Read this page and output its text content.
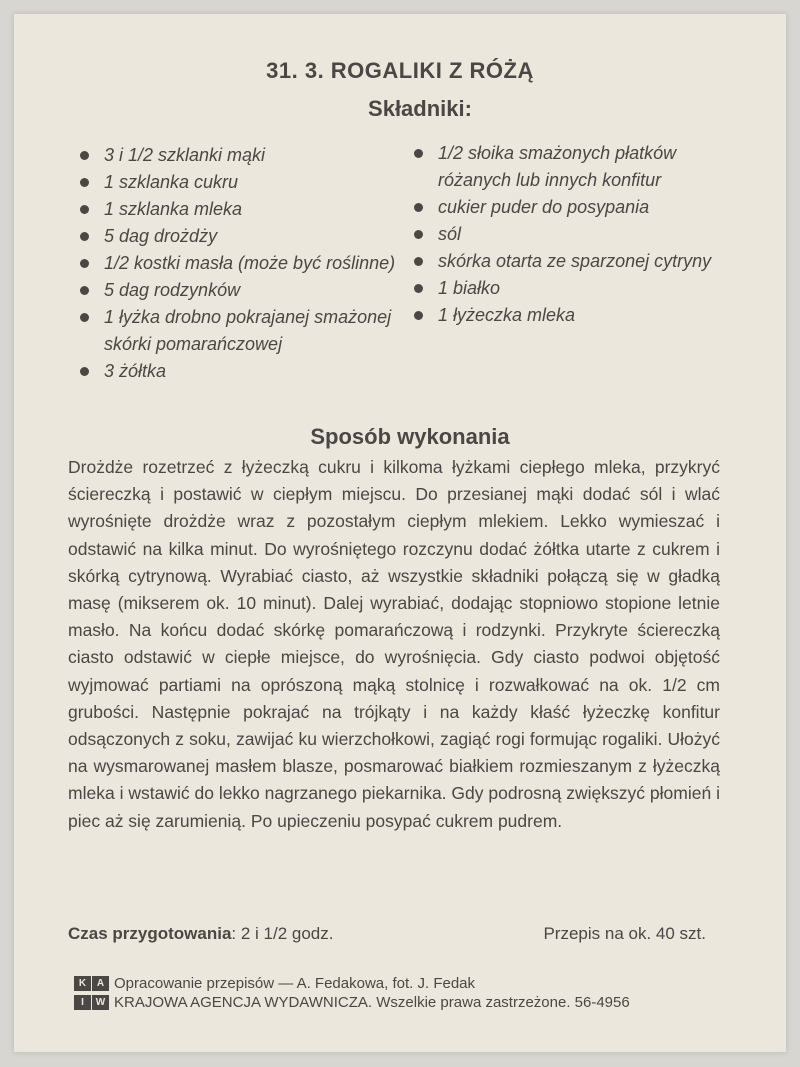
31. 3. ROGALIKI Z RÓŻĄ
Składniki:
3 i 1/2 szklanki mąki
1 szklanka cukru
1 szklanka mleka
5 dag drożdży
1/2 kostki masła (może być roślinne)
5 dag rodzynków
1 łyżka drobno pokrajanej smażonej skórki pomarańczowej
3 żółtka
1/2 słoika smażonych płatków różanych lub innych konfitur
cukier puder do posypania
sól
skórka otarta ze sparzonej cytryny
1 białko
1 łyżeczka mleka
Sposób wykonania
Drożdże rozetrzeć z łyżeczką cukru i kilkoma łyżkami ciepłego mleka, przykryć ściereczką i postawić w ciepłym miejscu. Do przesianej mąki dodać sól i wlać wyrośnięte drożdże wraz z pozostałym ciepłym mlekiem. Lekko wymieszać i odstawić na kilka minut. Do wyrośniętego rozczynu dodać żółtka utarte z cukrem i skórką cytrynową. Wyrabiać ciasto, aż wszystkie składniki połączą się w gładką masę (mikserem ok. 10 minut). Dalej wyrabiać, dodając stopniowo stopione letnie masło. Na końcu dodać skórkę pomarańczową i rodzynki. Przykryte ściereczką ciasto odstawić w ciepłe miejsce, do wyrośnięcia. Gdy ciasto podwoi objętość wyjmować partiami na oprószoną mąką stolnicę i rozwałkować na ok. 1/2 cm grubości. Następnie pokrajać na trójkąty i na każdy kłaść łyżeczkę konfitur odsączonych z soku, zawijać ku wierzchołkowi, zagiąć rogi formując rogaliki. Ułożyć na wysmarowanej masłem blasze, posmarować białkiem rozmieszanym z łyżeczką mleka i wstawić do lekko nagrzanego piekarnika. Gdy podrosną zwiększyć płomień i piec aż się zarumienią. Po upieczeniu posypać cukrem pudrem.
Czas przygotowania: 2 i 1/2 godz.	Przepis na ok. 40 szt.
K	A Opracowanie przepisów — A. Fedakowa, fot. J. Fedak
I	W KRAJOWA AGENCJA WYDAWNICZA. Wszelkie prawa zastrzeżone. 56-4956
